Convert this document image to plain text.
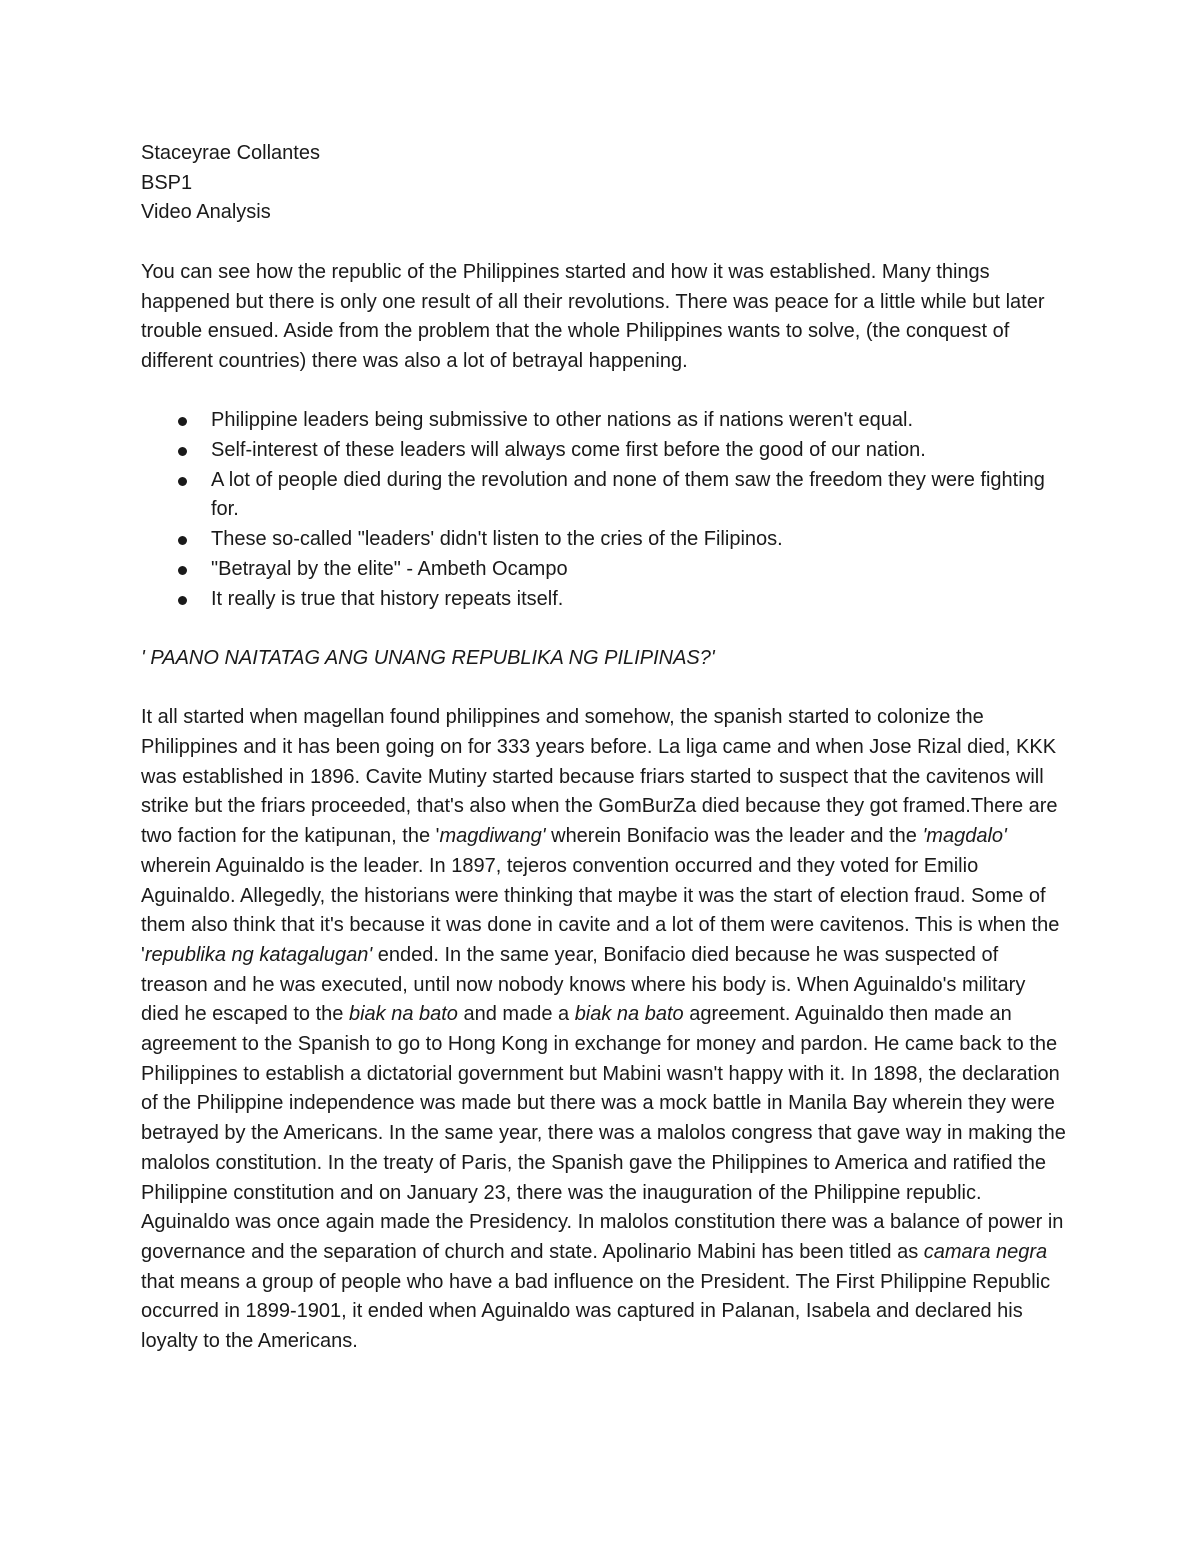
Staceyrae Collantes
BSP1
Video Analysis

You can see how the republic of the Philippines started and how it was established. Many things happened but there is only one result of all their revolutions. There was peace for a little while but later trouble ensued. Aside from the problem that the whole Philippines wants to solve, (the conquest of different countries) there was also a lot of betrayal happening.

Philippine leaders being submissive to other nations as if nations weren't equal.
Self-interest of these leaders will always come first before the good of our nation.
A lot of people died during the revolution and none of them saw the freedom they were fighting for.
These so-called "leaders' didn't listen to the cries of the Filipinos.
"Betrayal by the elite" - Ambeth Ocampo
It really is true that history repeats itself.

' PAANO NAITATAG ANG UNANG REPUBLIKA NG PILIPINAS?'

It all started when magellan found philippines and somehow, the spanish started to colonize the Philippines and it has been going on for 333 years before. La liga came and when Jose Rizal died, KKK was established in 1896. Cavite Mutiny started because friars started to suspect that the cavitenos will strike but the friars proceeded, that's also when the GomBurZa died because they got framed.There are two faction for the katipunan, the 'magdiwang' wherein Bonifacio was the leader and the 'magdalo' wherein Aguinaldo is the leader. In 1897, tejeros convention occurred and they voted for Emilio Aguinaldo. Allegedly, the historians were thinking that maybe it was the start of election fraud. Some of them also think that it's because it was done in cavite and a lot of them were cavitenos. This is when the 'republika ng katagalugan' ended. In the same year, Bonifacio died because he was suspected of treason and he was executed, until now nobody knows where his body is. When Aguinaldo's military died he escaped to the biak na bato and made a biak na bato agreement. Aguinaldo then made an agreement to the Spanish to go to Hong Kong in exchange for money and pardon. He came back to the Philippines to establish a dictatorial government but Mabini wasn't happy with it. In 1898, the declaration of the Philippine independence was made but there was a mock battle in Manila Bay wherein they were betrayed by the Americans. In the same year, there was a malolos congress that gave way in making the malolos constitution. In the treaty of Paris, the Spanish gave the Philippines to America and ratified the Philippine constitution and on January 23, there was the inauguration of the Philippine republic. Aguinaldo was once again made the Presidency. In malolos constitution there was a balance of power in governance and the separation of church and state. Apolinario Mabini has been titled as camara negra that means a group of people who have a bad influence on the President. The First Philippine Republic occurred in 1899-1901, it ended when Aguinaldo was captured in Palanan, Isabela and declared his loyalty to the Americans.
